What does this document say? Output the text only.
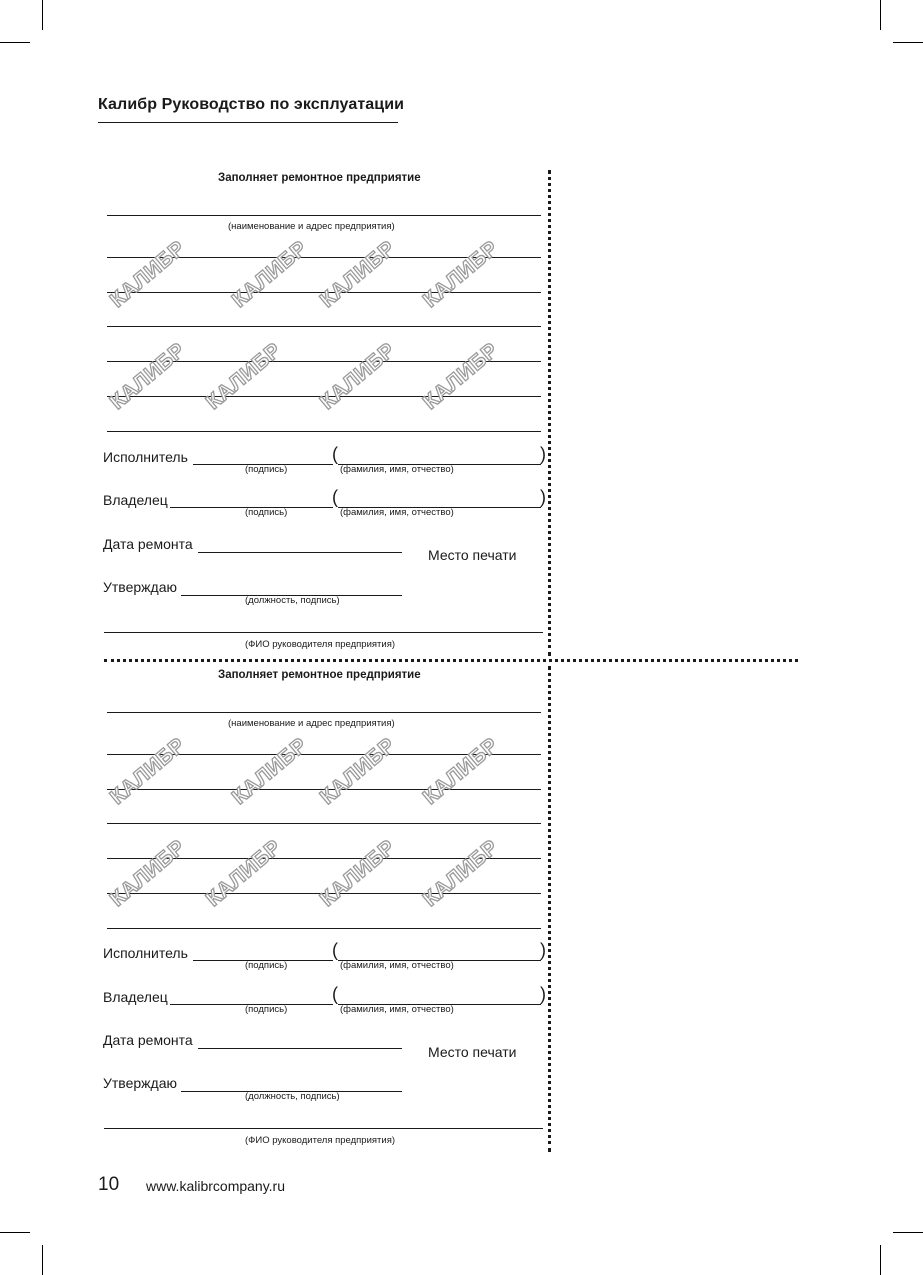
Калибр Руководство по эксплуатации
Заполняет ремонтное предприятие
(наименование и адрес предприятия)
КАЛИБР	КАЛИБР КАЛИБР КАЛИБР
КАЛИБР КАЛИБР	КАЛИБР КАЛИБР
Исполнитель	(	)
(подпись)	(фамилия, имя, отчество)
Владелец	(	)
(подпись)	(фамилия, имя, отчество)
Дата ремонта
Место печати
Утверждаю
(должность, подпись)
(ФИО руководителя предприятия)
Заполняет ремонтное предприятие
(наименование и адрес предприятия)
КАЛИБР	КАЛИБР КАЛИБР КАЛИБР
КАЛИБР КАЛИБР	КАЛИБР КАЛИБР
Исполнитель	(	)
(подпись)	(фамилия, имя, отчество)
Владелец	(	)
(подпись)	(фамилия, имя, отчество)
Дата ремонта
Место печати
Утверждаю
(должность, подпись)
(ФИО руководителя предприятия)
10 www.kalibrcompany.ru
